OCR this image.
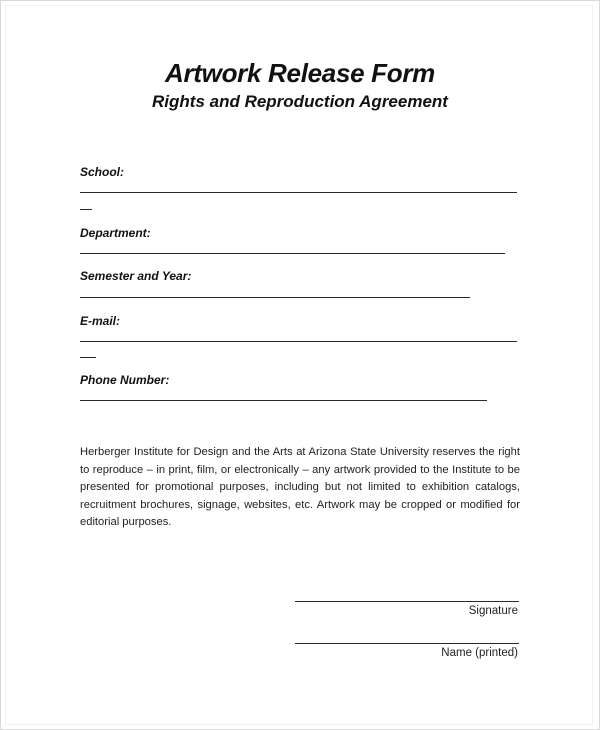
Artwork Release Form
Rights and Reproduction Agreement
School:
Department:
Semester and Year:
E-mail:
Phone Number:
Herberger Institute for Design and the Arts at Arizona State University reserves the right to reproduce – in print, film, or electronically – any artwork provided to the Institute to be presented for promotional purposes, including but not limited to exhibition catalogs, recruitment brochures, signage, websites, etc. Artwork may be cropped or modified for editorial purposes.
Signature
Name (printed)
